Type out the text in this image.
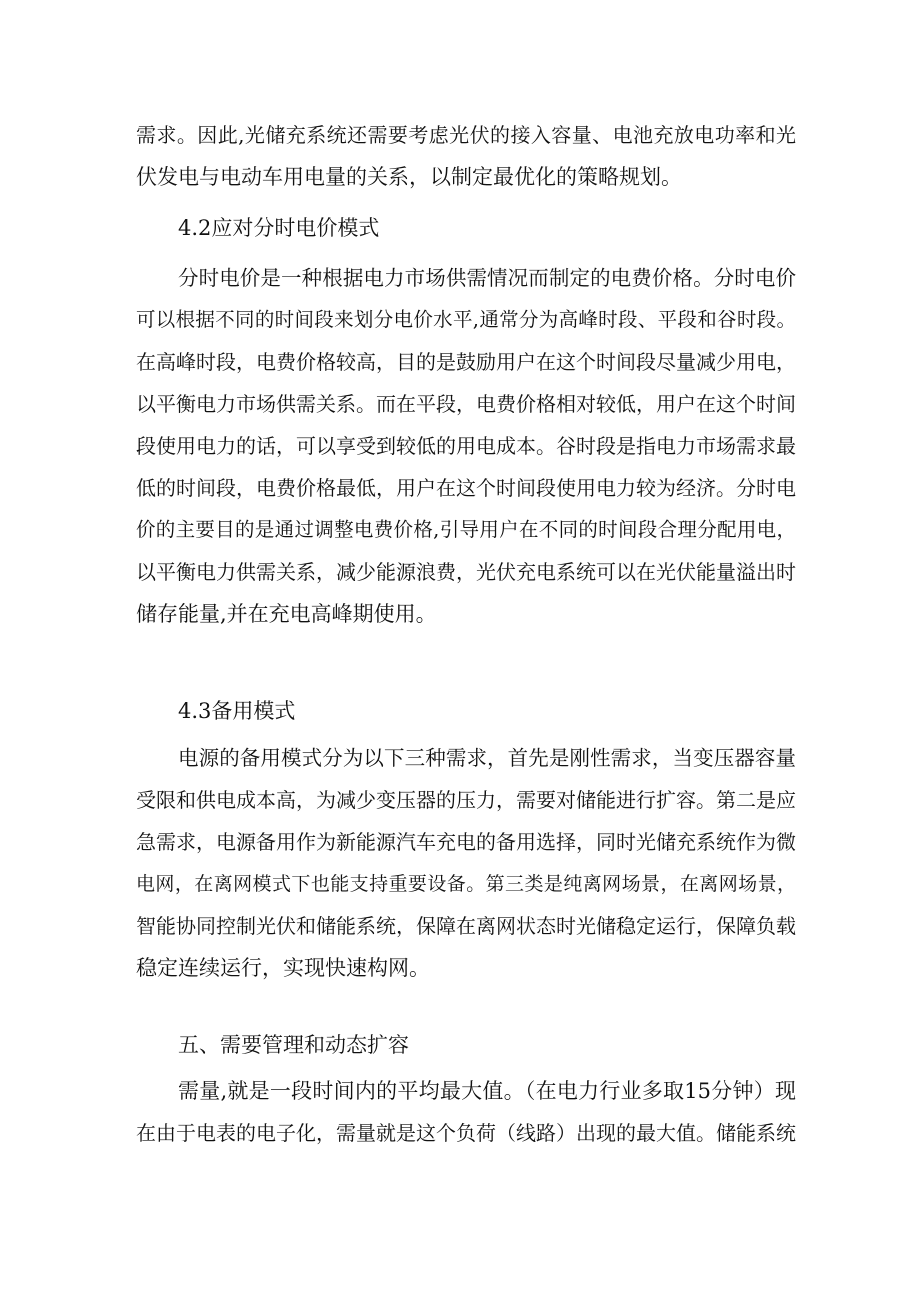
需求。因此,光储充系统还需要考虑光伏的接入容量、电池充放电功率和光
伏发电与电动车用电量的关系，以制定最优化的策略规划。
4.2应对分时电价模式
分时电价是一种根据电力市场供需情况而制定的电费价格。分时电价
可以根据不同的时间段来划分电价水平,通常分为高峰时段、平段和谷时段。
在高峰时段，电费价格较高，目的是鼓励用户在这个时间段尽量减少用电，
以平衡电力市场供需关系。而在平段，电费价格相对较低，用户在这个时间
段使用电力的话，可以享受到较低的用电成本。谷时段是指电力市场需求最
低的时间段，电费价格最低，用户在这个时间段使用电力较为经济。分时电
价的主要目的是通过调整电费价格,引导用户在不同的时间段合理分配用电，
以平衡电力供需关系，减少能源浪费，光伏充电系统可以在光伏能量溢出时
储存能量,并在充电高峰期使用。
4.3备用模式
电源的备用模式分为以下三种需求，首先是刚性需求，当变压器容量
受限和供电成本高，为减少变压器的压力，需要对储能进行扩容。第二是应
急需求，电源备用作为新能源汽车充电的备用选择，同时光储充系统作为微
电网，在离网模式下也能支持重要设备。第三类是纯离网场景，在离网场景，
智能协同控制光伏和储能系统，保障在离网状态时光储稳定运行，保障负载
稳定连续运行，实现快速构网。
五、需要管理和动态扩容
需量,就是一段时间内的平均最大值。（在电力行业多取15分钟）现
在由于电表的电子化，需量就是这个负荷（线路）出现的最大值。储能系统
